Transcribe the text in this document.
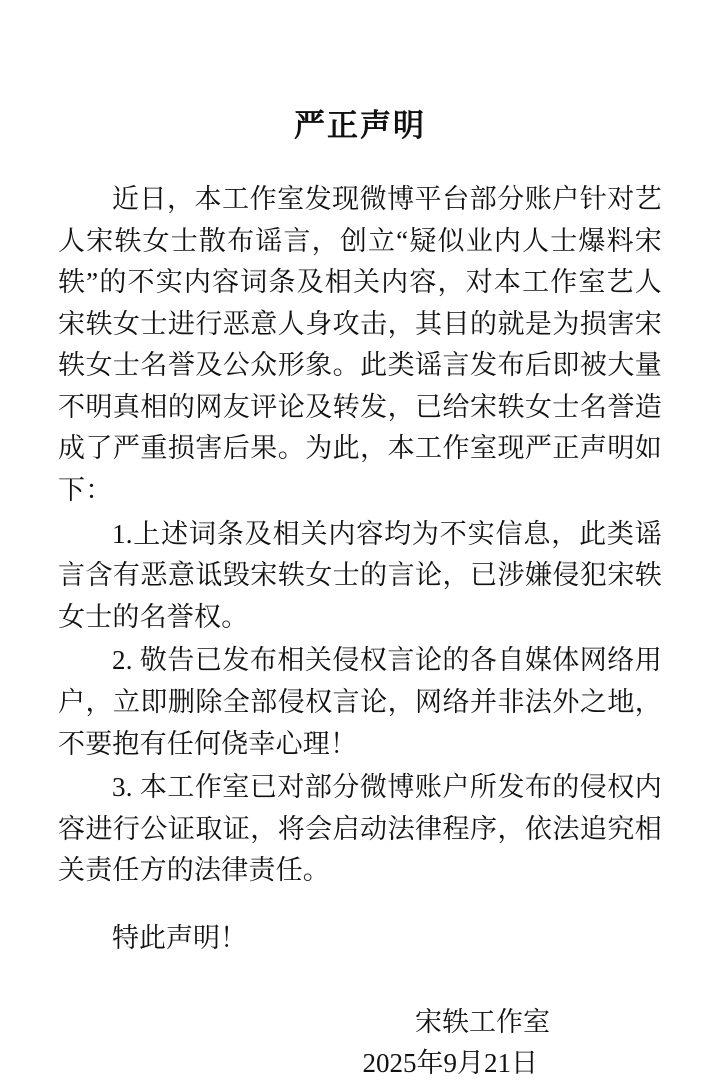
严正声明

近日，本工作室发现微博平台部分账户针对艺人宋轶女士散布谣言，创立“疑似业内人士爆料宋轶”的不实内容词条及相关内容，对本工作室艺人宋轶女士进行恶意人身攻击，其目的就是为损害宋轶女士名誉及公众形象。此类谣言发布后即被大量不明真相的网友评论及转发，已给宋轶女士名誉造成了严重损害后果。为此，本工作室现严正声明如下：

1.上述词条及相关内容均为不实信息，此类谣言含有恶意诋毁宋轶女士的言论，已涉嫌侵犯宋轶女士的名誉权。

2. 敬告已发布相关侵权言论的各自媒体网络用户，立即删除全部侵权言论，网络并非法外之地，不要抱有任何侥幸心理！

3. 本工作室已对部分微博账户所发布的侵权内容进行公证取证，将会启动法律程序，依法追究相关责任方的法律责任。

特此声明！
宋轶工作室
2025年9月21日
